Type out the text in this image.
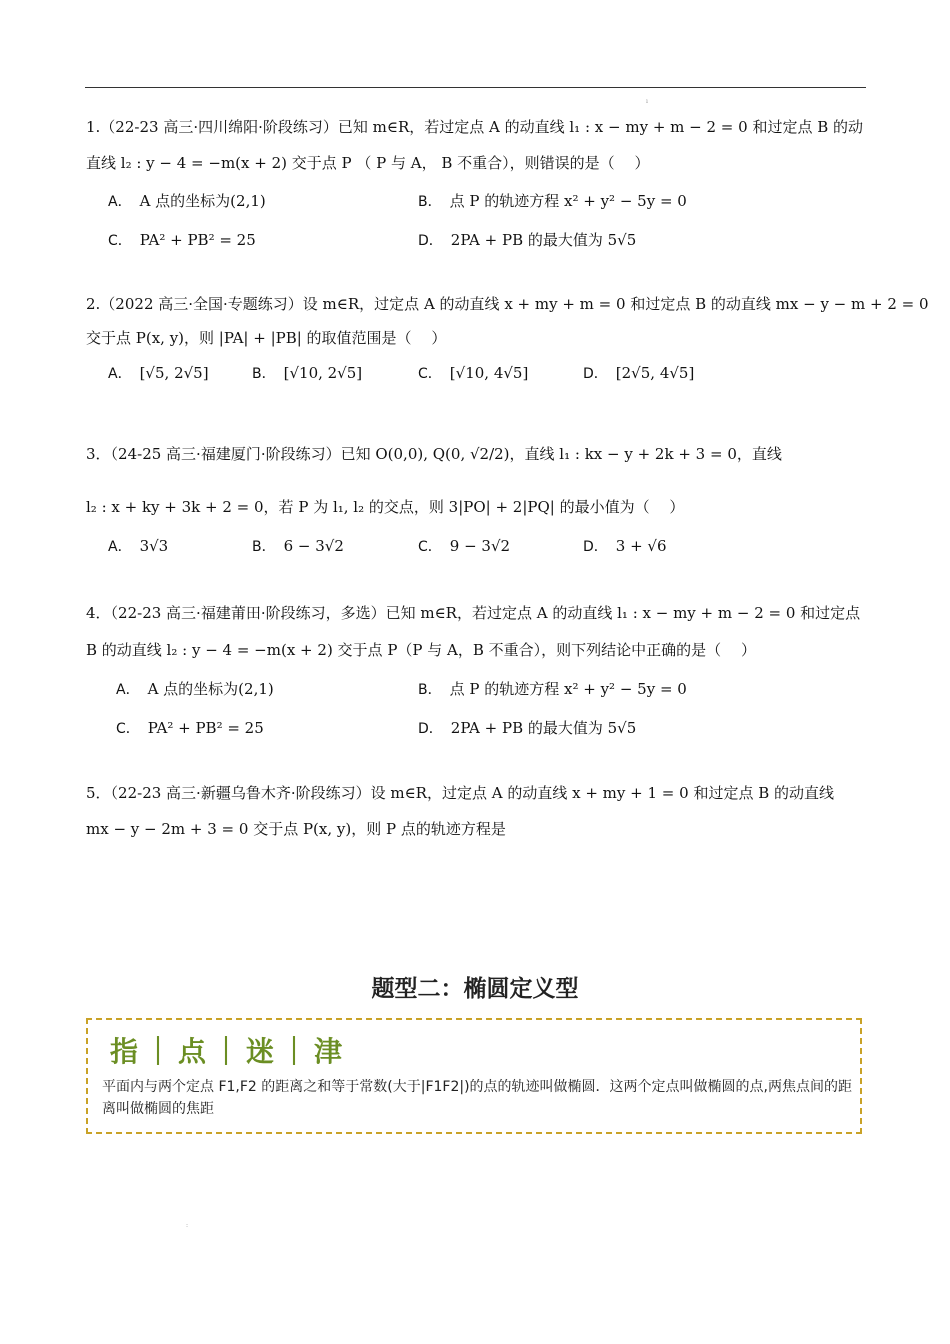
ı
1.（22-23 高三·四川绵阳·阶段练习）已知 m∈R，若过定点 A 的动直线 l₁ : x − my + m − 2 = 0 和过定点 B 的动
直线 l₂ : y − 4 = −m(x + 2) 交于点 P （ P 与 A， B 不重合），则错误的是（　 ）
A． A 点的坐标为(2,1)	B． 点 P 的轨迹方程 x² + y² − 5y = 0
C． PA² + PB² = 25	D． 2PA + PB 的最大值为 5√5
2.（2022 高三·全国·专题练习）设 m∈R，过定点 A 的动直线 x + my + m = 0 和过定点 B 的动直线 mx − y − m + 2 = 0
交于点 P(x, y)，则 |PA| + |PB| 的取值范围是（　 ）
A． [√5, 2√5]	B． [√10, 2√5]	C． [√10, 4√5]	D． [2√5, 4√5]
3．（24-25 高三·福建厦门·阶段练习）已知 O(0,0), Q(0, √2/2)，直线 l₁ : kx − y + 2k + 3 = 0，直线
l₂ : x + ky + 3k + 2 = 0，若 P 为 l₁, l₂ 的交点，则 3|PO| + 2|PQ| 的最小值为（　 ）
A． 3√3	B． 6 − 3√2	C． 9 − 3√2	D． 3 + √6
4．（22-23 高三·福建莆田·阶段练习，多选）已知 m∈R，若过定点 A 的动直线 l₁ : x − my + m − 2 = 0 和过定点
B 的动直线 l₂ : y − 4 = −m(x + 2) 交于点 P（P 与 A，B 不重合），则下列结论中正确的是（　 ）
A． A 点的坐标为(2,1)	B． 点 P 的轨迹方程 x² + y² − 5y = 0
C． PA² + PB² = 25	D． 2PA + PB 的最大值为 5√5
5．（22-23 高三·新疆乌鲁木齐·阶段练习）设 m∈R，过定点 A 的动直线 x + my + 1 = 0 和过定点 B 的动直线
mx − y − 2m + 3 = 0 交于点 P(x, y)，则 P 点的轨迹方程是
题型二：椭圆定义型
指｜点｜迷｜津
平面内与两个定点 F1,F2 的距离之和等于常数(大于|F1F2|)的点的轨迹叫做椭圆．这两个定点叫做椭圆的点,两焦点间的距离叫做椭圆的焦距
:
